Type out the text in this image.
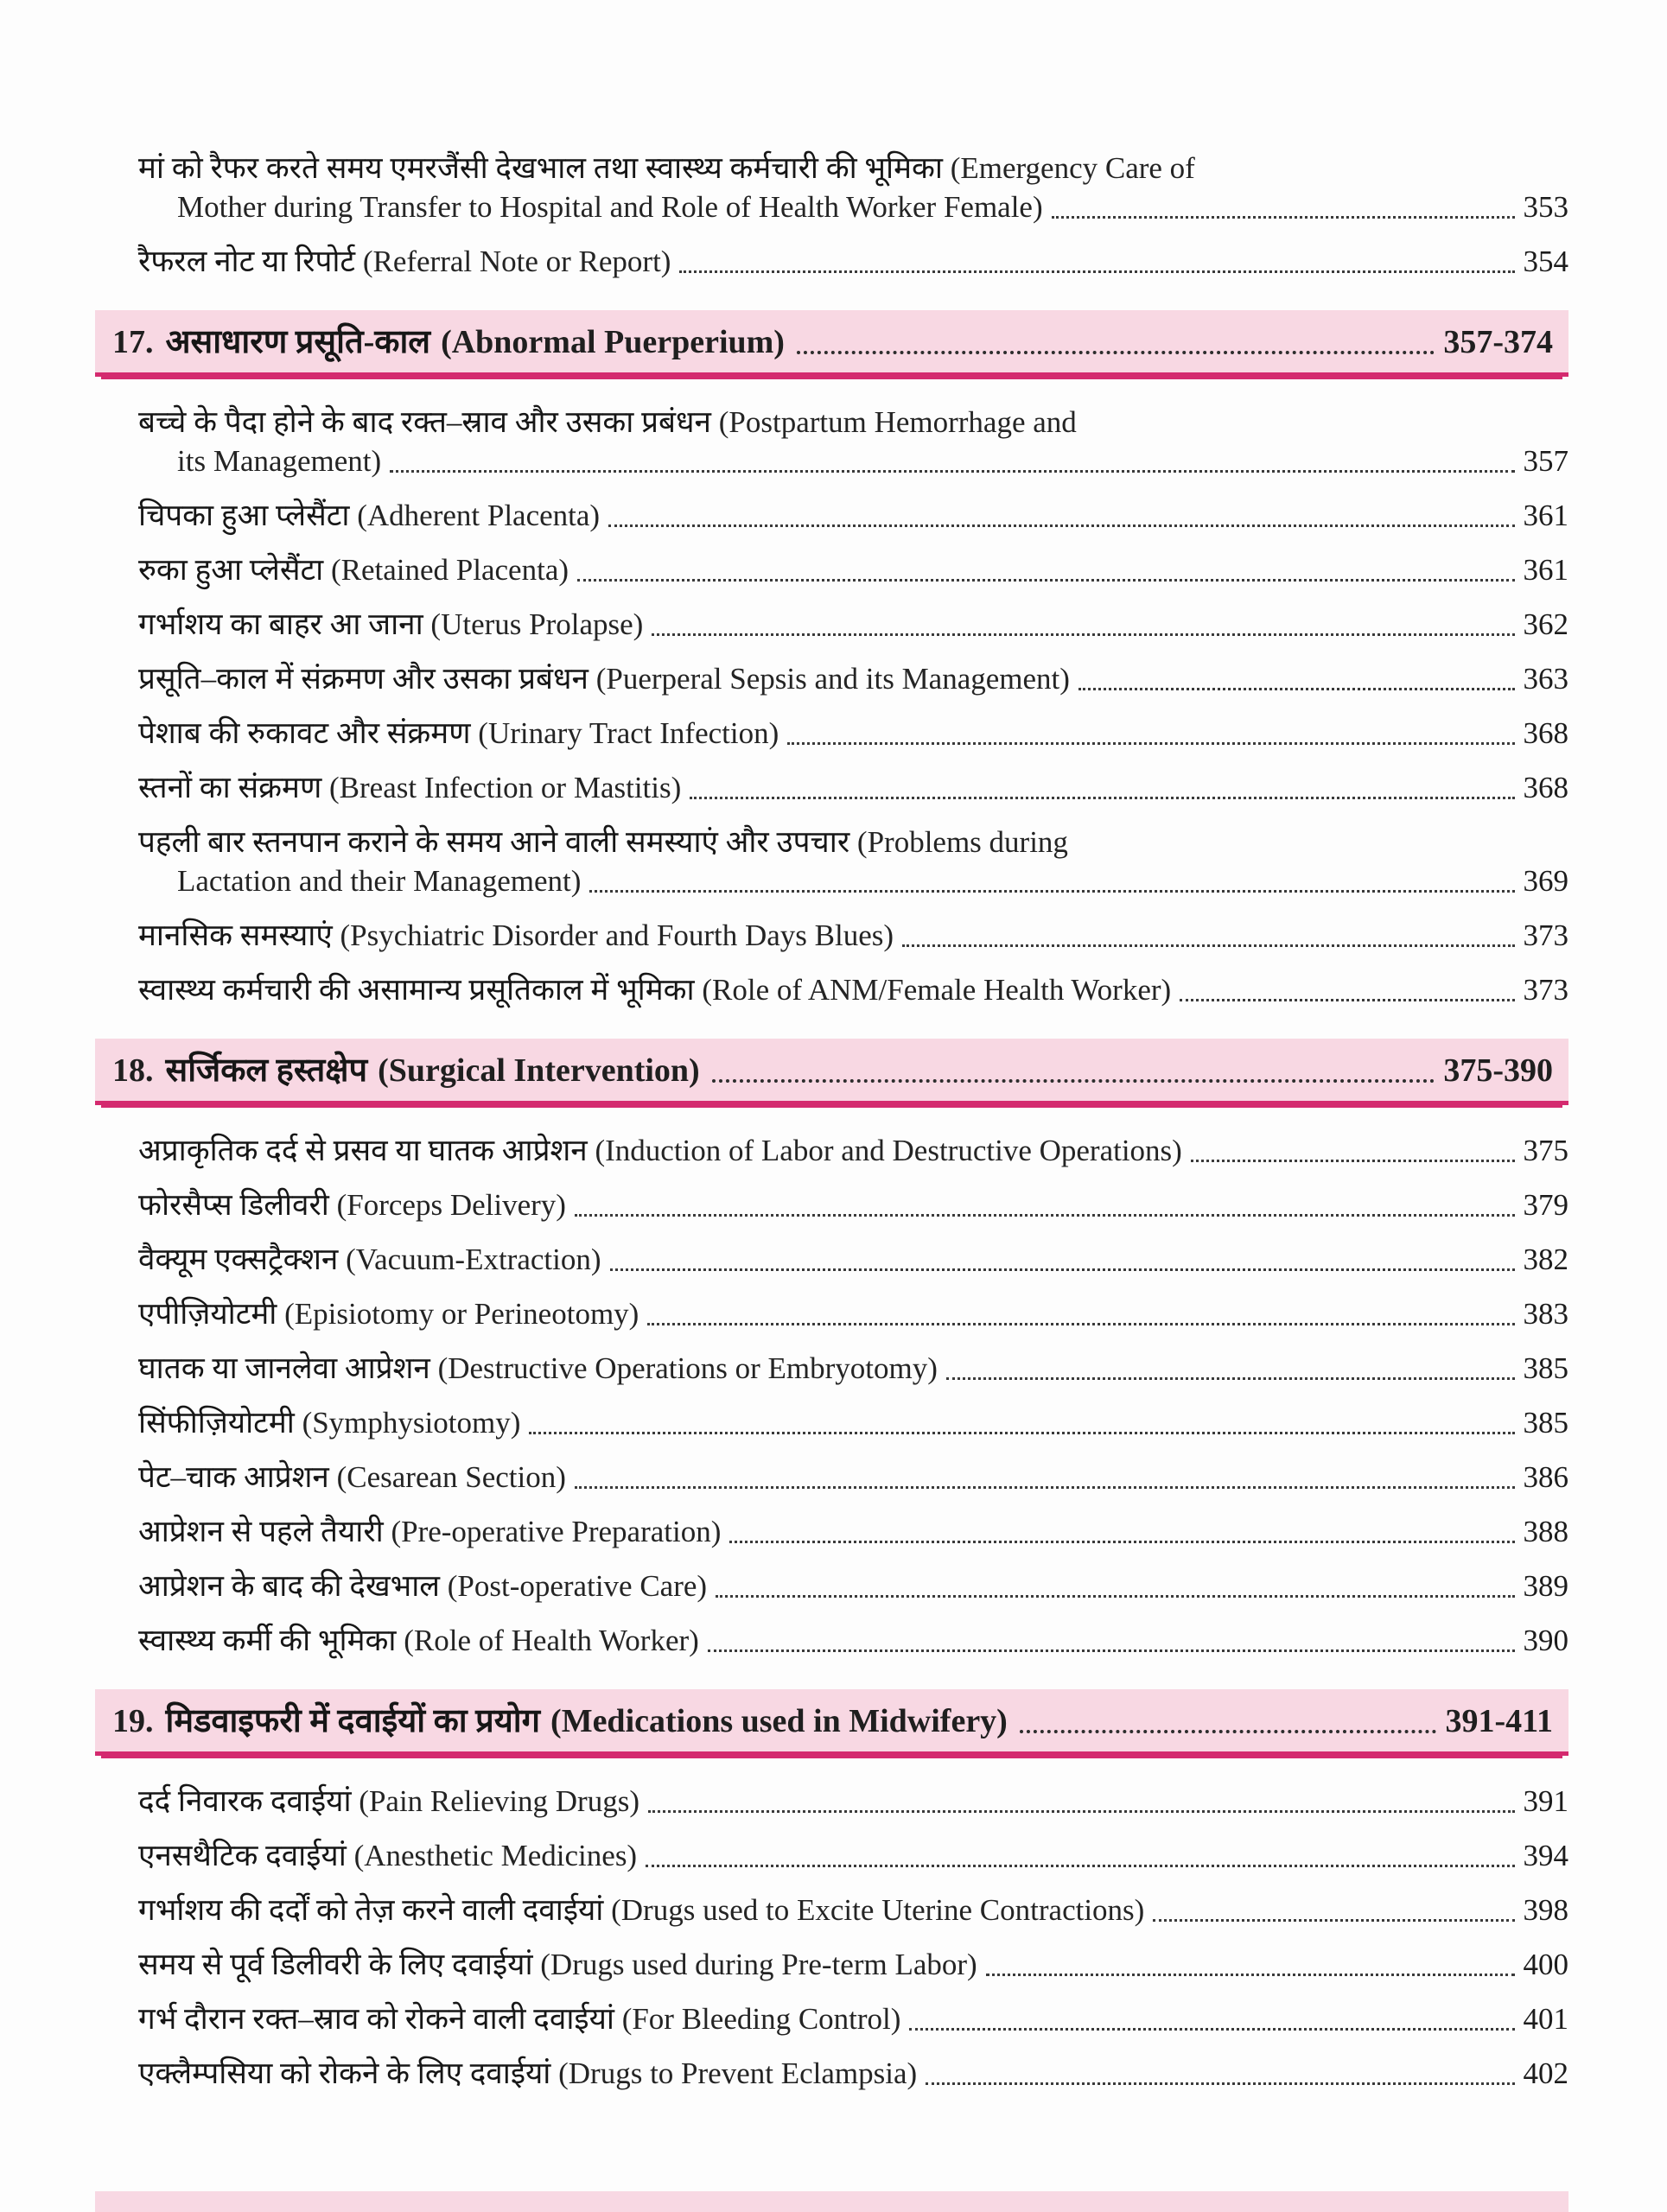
मां को रैफर करते समय एमरजैंसी देखभाल तथा स्वास्थ्य कर्मचारी की भूमिका (Emergency Care of
Mother during Transfer to Hospital and Role of Health Worker Female)	353
रैफरल नोट या रिपोर्ट (Referral Note or Report)	354
17. असाधारण प्रसूति-काल (Abnormal Puerperium)	357-374
बच्चे के पैदा होने के बाद रक्त–स्राव और उसका प्रबंधन (Postpartum Hemorrhage and
its Management)	357
चिपका हुआ प्लेसैंटा (Adherent Placenta)	361
रुका हुआ प्लेसैंटा (Retained Placenta)	361
गर्भाशय का बाहर आ जाना (Uterus Prolapse)	362
प्रसूति–काल में संक्रमण और उसका प्रबंधन (Puerperal Sepsis and its Management)	363
पेशाब की रुकावट और संक्रमण (Urinary Tract Infection)	368
स्तनों का संक्रमण (Breast Infection or Mastitis)	368
पहली बार स्तनपान कराने के समय आने वाली समस्याएं और उपचार (Problems during
Lactation and their Management)	369
मानसिक समस्याएं (Psychiatric Disorder and Fourth Days Blues)	373
स्वास्थ्य कर्मचारी की असामान्य प्रसूतिकाल में भूमिका (Role of ANM/Female Health Worker)	373
18. सर्जिकल हस्तक्षेप (Surgical Intervention)	375-390
अप्राकृतिक दर्द से प्रसव या घातक आप्रेशन (Induction of Labor and Destructive Operations)	375
फोरसैप्स डिलीवरी (Forceps Delivery)	379
वैक्यूम एक्सट्रैक्शन (Vacuum-Extraction)	382
एपीज़ियोटमी (Episiotomy or Perineotomy)	383
घातक या जानलेवा आप्रेशन (Destructive Operations or Embryotomy)	385
सिंफीज़ियोटमी (Symphysiotomy)	385
पेट–चाक आप्रेशन (Cesarean Section)	386
आप्रेशन से पहले तैयारी (Pre-operative Preparation)	388
आप्रेशन के बाद की देखभाल (Post-operative Care)	389
स्वास्थ्य कर्मी की भूमिका (Role of Health Worker)	390
19. मिडवाइफरी में दवाईयों का प्रयोग (Medications used in Midwifery)	391-411
दर्द निवारक दवाईयां (Pain Relieving Drugs)	391
एनसथैटिक दवाईयां (Anesthetic Medicines)	394
गर्भाशय की दर्दों को तेज़ करने वाली दवाईयां (Drugs used to Excite Uterine Contractions)	398
समय से पूर्व डिलीवरी के लिए दवाईयां (Drugs used during Pre-term Labor)	400
गर्भ दौरान रक्त–स्राव को रोकने वाली दवाईयां (For Bleeding Control)	401
एक्लैम्पसिया को रोकने के लिए दवाईयां (Drugs to Prevent Eclampsia)	402
